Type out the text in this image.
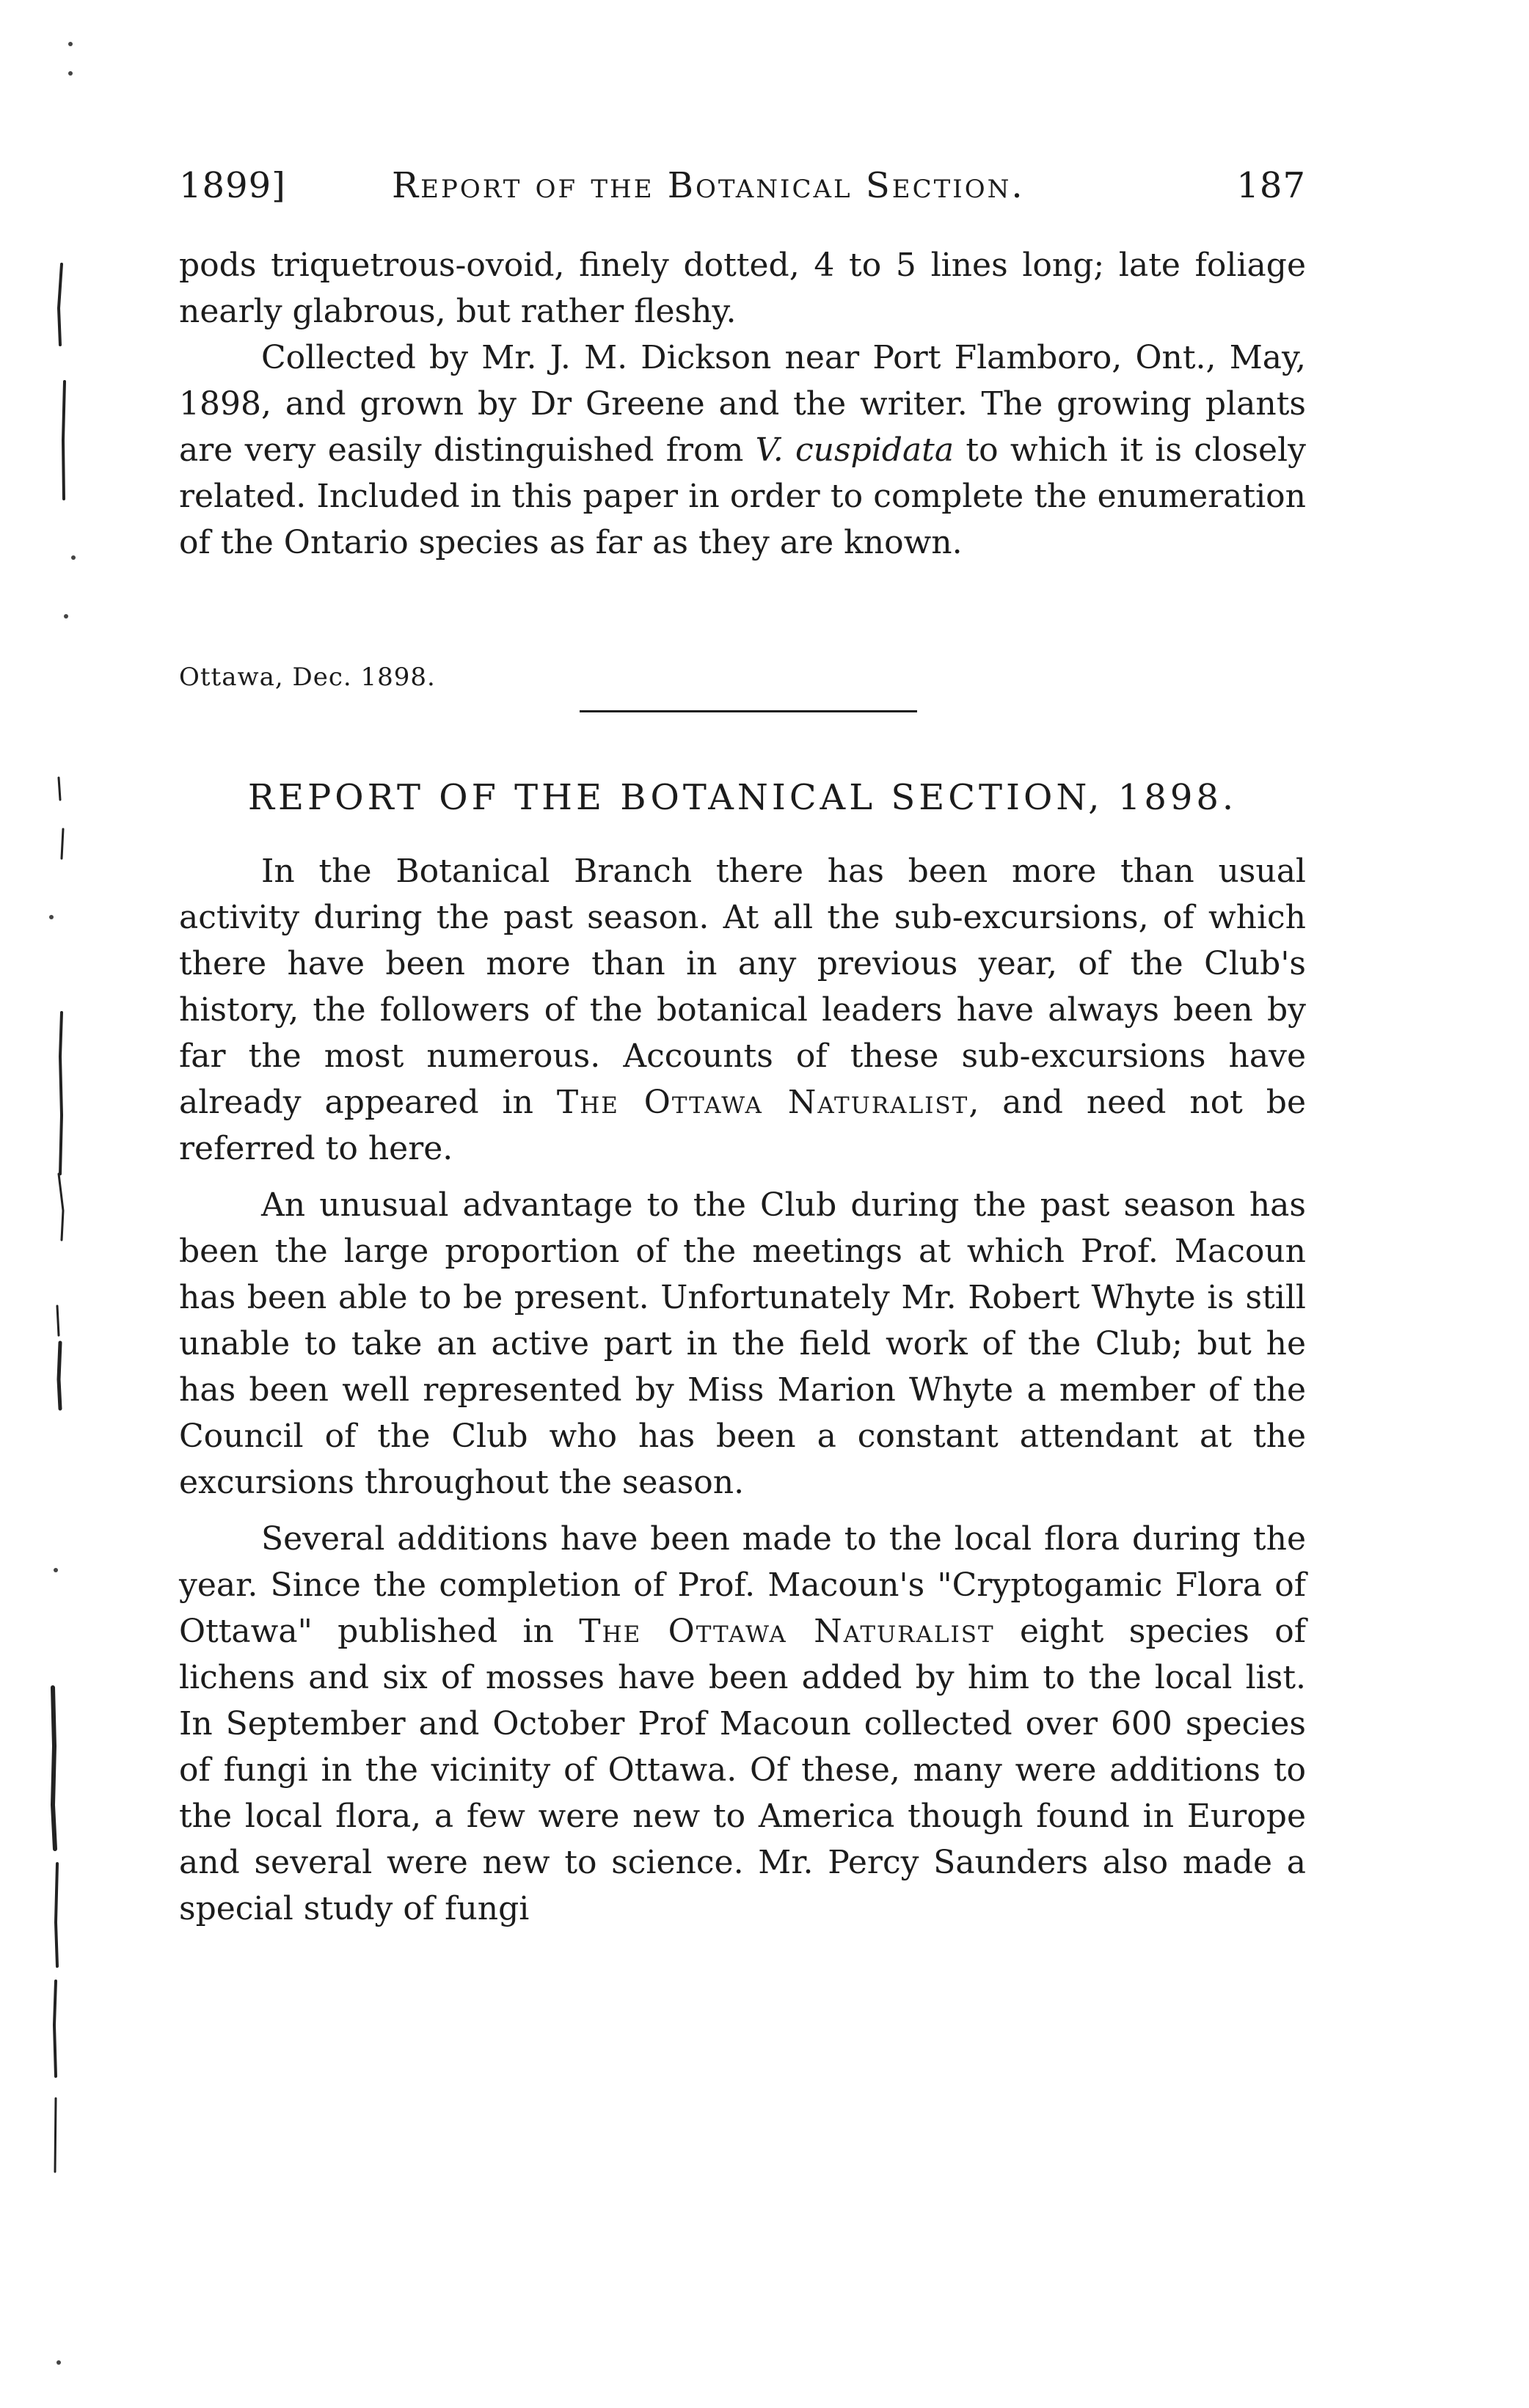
1899]	Report of the Botanical Section.	187

pods triquetrous-ovoid, finely dotted, 4 to 5 lines long; late foliage nearly glabrous, but rather fleshy.

Collected by Mr. J. M. Dickson near Port Flamboro, Ont., May, 1898, and grown by Dr Greene and the writer. The growing plants are very easily distinguished from V. cuspidata to which it is closely related. Included in this paper in order to complete the enumeration of the Ontario species as far as they are known.

Ottawa, Dec. 1898.
REPORT OF THE BOTANICAL SECTION, 1898.

In the Botanical Branch there has been more than usual activity during the past season. At all the sub-excursions, of which there have been more than in any previous year, of the Club's history, the followers of the botanical leaders have always been by far the most numerous. Accounts of these sub-excursions have already appeared in The Ottawa Naturalist, and need not be referred to here.

An unusual advantage to the Club during the past season has been the large proportion of the meetings at which Prof. Macoun has been able to be present. Unfortunately Mr. Robert Whyte is still unable to take an active part in the field work of the Club; but he has been well represented by Miss Marion Whyte a member of the Council of the Club who has been a constant attendant at the excursions throughout the season.

Several additions have been made to the local flora during the year. Since the completion of Prof. Macoun's "Cryptogamic Flora of Ottawa" published in The Ottawa Naturalist eight species of lichens and six of mosses have been added by him to the local list. In September and October Prof Macoun collected over 600 species of fungi in the vicinity of Ottawa. Of these, many were additions to the local flora, a few were new to America though found in Europe and several were new to science. Mr. Percy Saunders also made a special study of fungi
